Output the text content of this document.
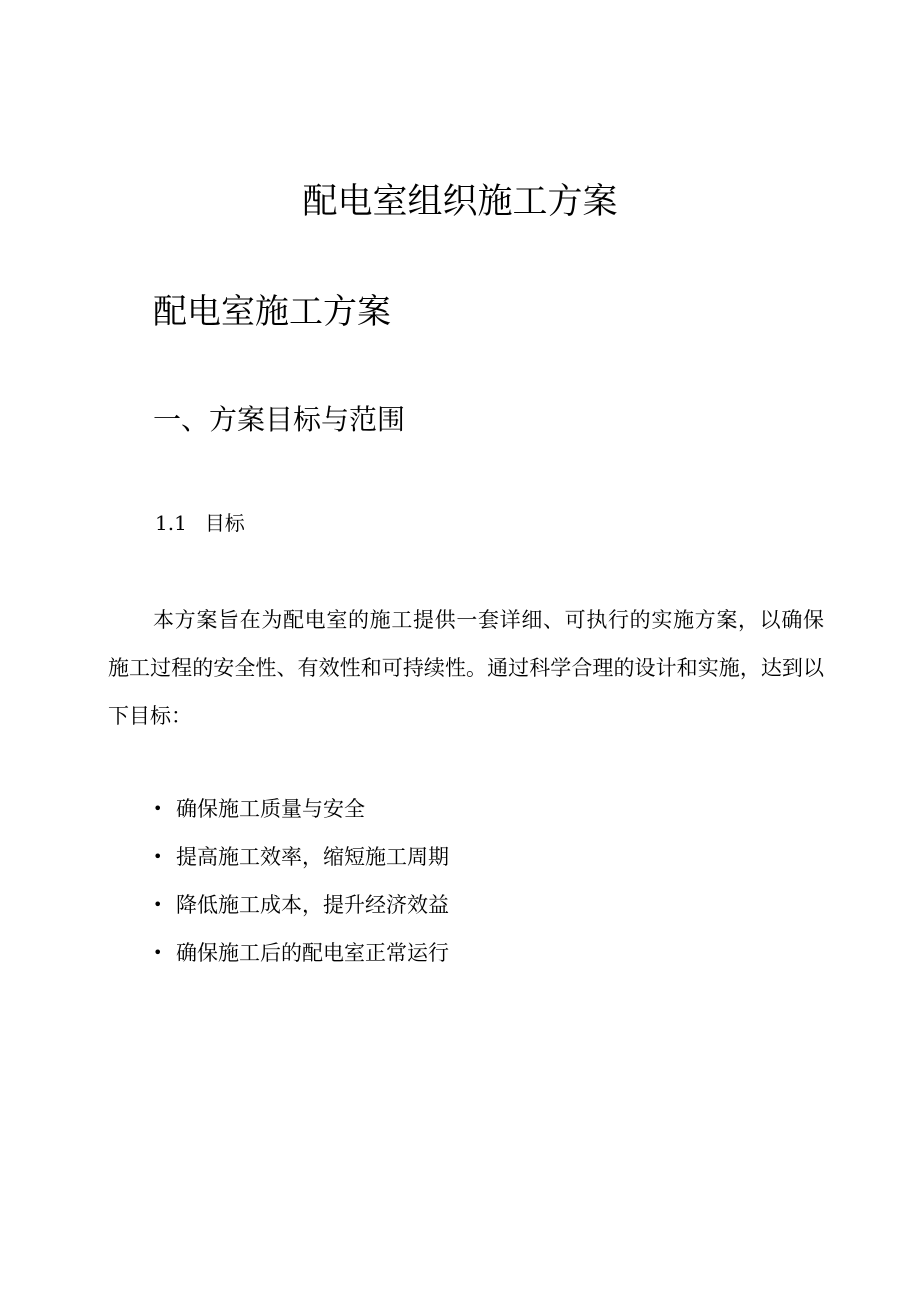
配电室组织施工方案
配电室施工方案
一、方案目标与范围
1.1 目标

本方案旨在为配电室的施工提供一套详细、可执行的实施方案，以确保施工过程的安全性、有效性和可持续性。通过科学合理的设计和实施，达到以下目标：

• 确保施工质量与安全
• 提高施工效率，缩短施工周期
• 降低施工成本，提升经济效益
• 确保施工后的配电室正常运行
